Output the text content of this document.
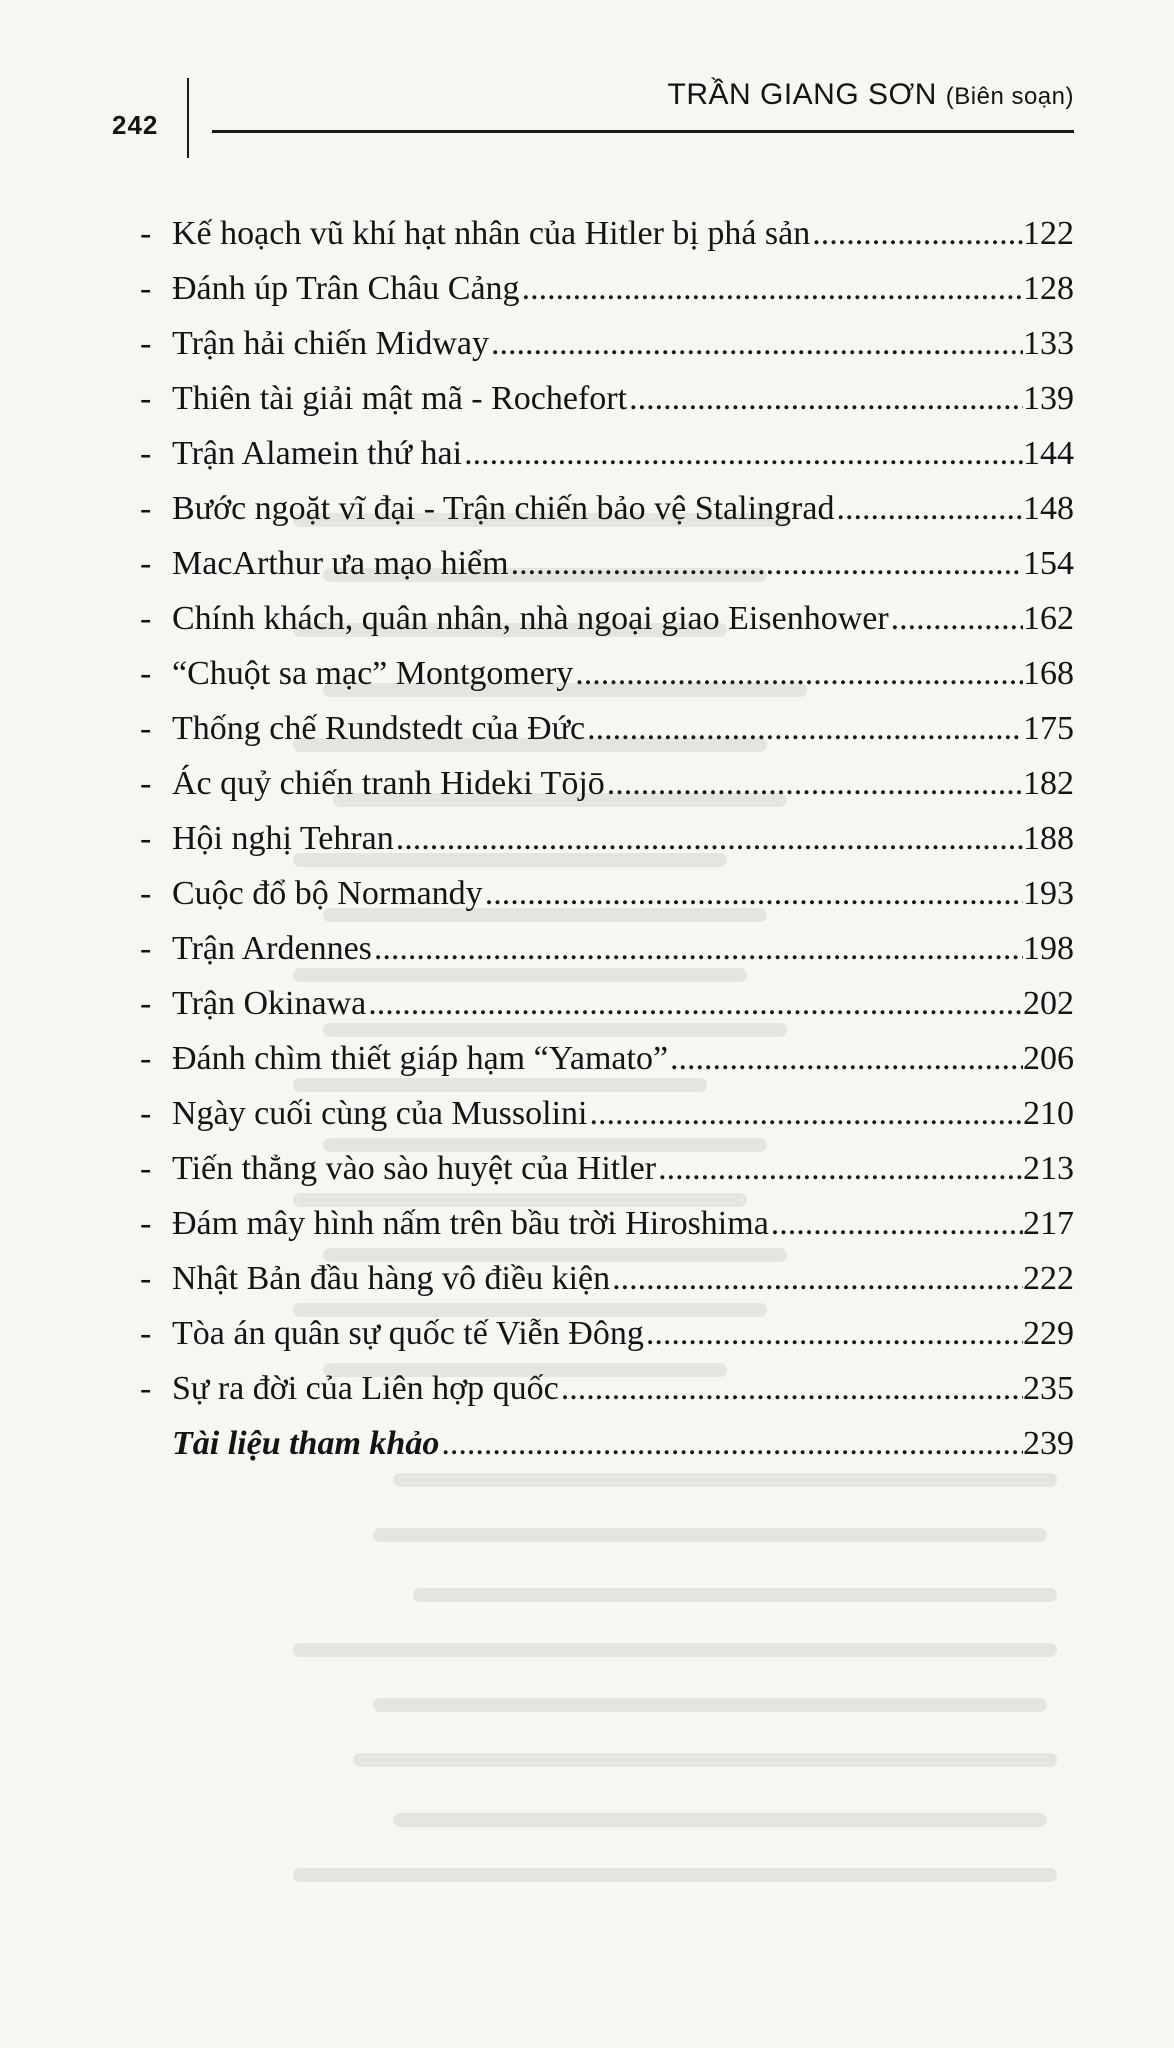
242
TRẦN GIANG SƠN (Biên soạn)
- Kế hoạch vũ khí hạt nhân của Hitler bị phá sản .....	122
- Đánh úp Trân Châu Cảng .....	128
- Trận hải chiến Midway .....	133
- Thiên tài giải mật mã - Rochefort .....	139
- Trận Alamein thứ hai .....	144
- Bước ngoặt vĩ đại - Trận chiến bảo vệ Stalingrad .....	148
- MacArthur ưa mạo hiểm .....	154
- Chính khách, quân nhân, nhà ngoại giao Eisenhower .....	162
- “Chuột sa mạc” Montgomery .....	168
- Thống chế Rundstedt của Đức .....	175
- Ác quỷ chiến tranh Hideki Tōjō .....	182
- Hội nghị Tehran .....	188
- Cuộc đổ bộ Normandy .....	193
- Trận Ardennes .....	198
- Trận Okinawa .....	202
- Đánh chìm thiết giáp hạm “Yamato” .....	206
- Ngày cuối cùng của Mussolini .....	210
- Tiến thẳng vào sào huyệt của Hitler .....	213
- Đám mây hình nấm trên bầu trời Hiroshima .....	217
- Nhật Bản đầu hàng vô điều kiện .....	222
- Tòa án quân sự quốc tế Viễn Đông .....	229
- Sự ra đời của Liên hợp quốc .....	235
Tài liệu tham khảo .....	239
